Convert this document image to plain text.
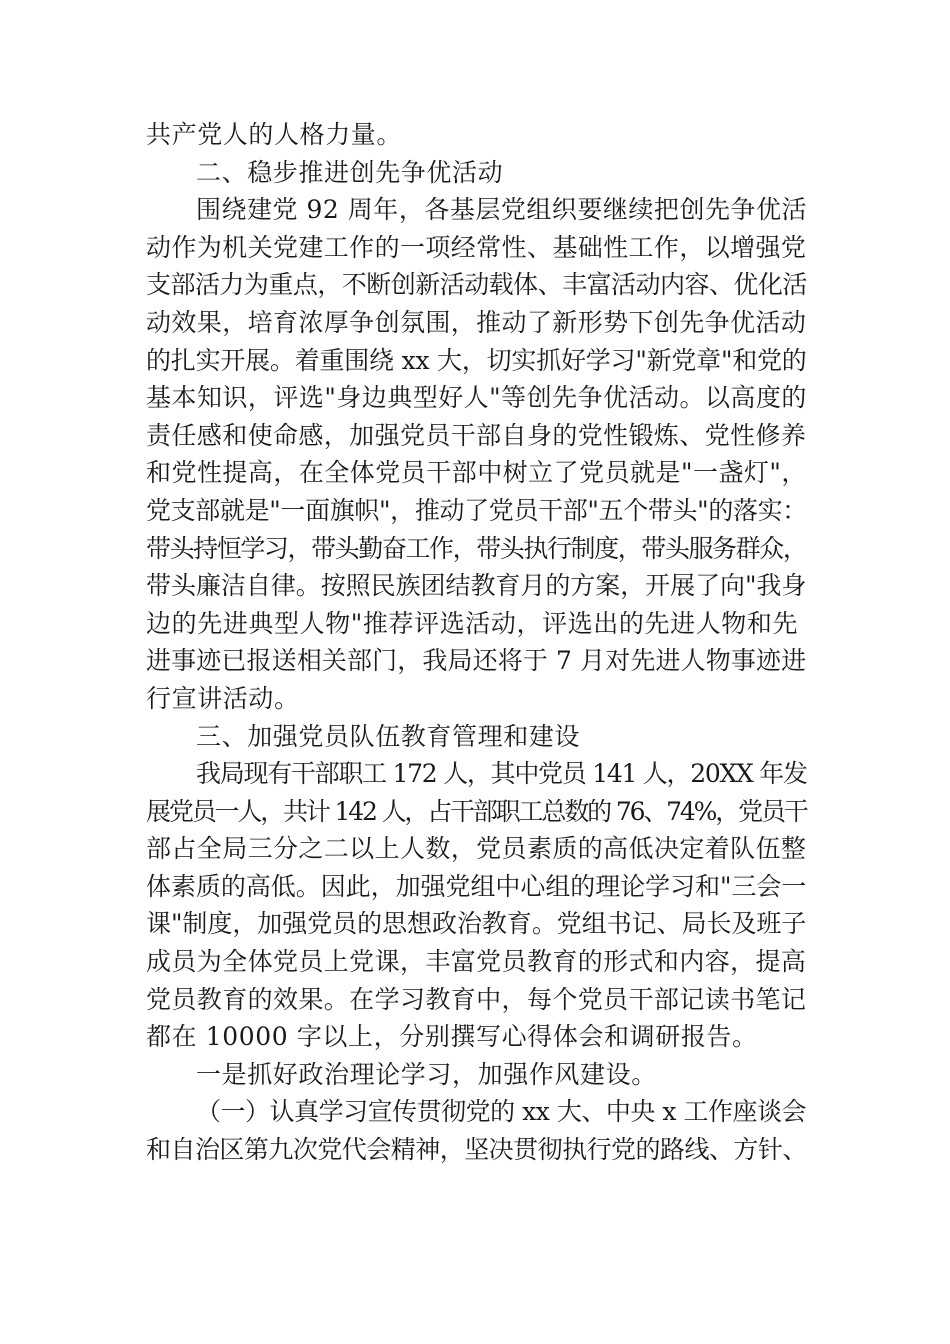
共产党人的人格力量。
二、稳步推进创先争优活动
围绕建党 92 周年，各基层党组织要继续把创先争优活
动作为机关党建工作的一项经常性、基础性工作，以增强党
支部活力为重点，不断创新活动载体、丰富活动内容、优化活
动效果，培育浓厚争创氛围，推动了新形势下创先争优活动
的扎实开展。着重围绕 xx 大，切实抓好学习"新党章"和党的
基本知识，评选"身边典型好人"等创先争优活动。以高度的
责任感和使命感，加强党员干部自身的党性锻炼、党性修养
和党性提高，在全体党员干部中树立了党员就是"一盏灯"，
党支部就是"一面旗帜"，推动了党员干部"五个带头"的落实：
带头持恒学习，带头勤奋工作，带头执行制度，带头服务群众，
带头廉洁自律。按照民族团结教育月的方案，开展了向"我身
边的先进典型人物"推荐评选活动，评选出的先进人物和先
进事迹已报送相关部门，我局还将于 7 月对先进人物事迹进
行宣讲活动。
三、加强党员队伍教育管理和建设
我局现有干部职工 172 人，其中党员 141 人，20XX 年发
展党员一人，共计 142 人，占干部职工总数的 76、74%，党员干
部占全局三分之二以上人数，党员素质的高低决定着队伍整
体素质的高低。因此，加强党组中心组的理论学习和"三会一
课"制度，加强党员的思想政治教育。党组书记、局长及班子
成员为全体党员上党课，丰富党员教育的形式和内容，提高
党员教育的效果。在学习教育中，每个党员干部记读书笔记
都在 10000 字以上，分别撰写心得体会和调研报告。
一是抓好政治理论学习，加强作风建设。
（一）认真学习宣传贯彻党的 xx 大、中央 x 工作座谈会
和自治区第九次党代会精神，坚决贯彻执行党的路线、方针、
